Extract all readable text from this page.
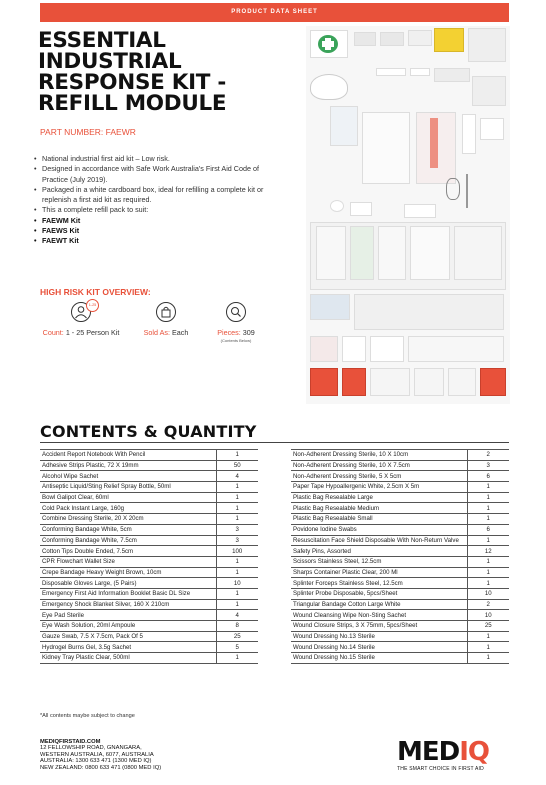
PRODUCT DATA SHEET
ESSENTIAL
INDUSTRIAL
RESPONSE KIT -
REFILL MODULE
PART NUMBER: FAEWR
• National industrial first aid kit – Low risk.
• Designed in accordance with Safe Work Australia's First Aid Code of Practice (July 2019).
• Packaged in a white cardboard box, ideal for refilling a complete kit or replenish a first aid kit as required.
• This a complete refill pack to suit:
• FAEWM Kit
• FAEWS Kit
• FAEWT Kit
HIGH RISK KIT OVERVIEW:
1-25
Count: 1 - 25 Person Kit	Sold As: Each	Pieces: 309
(Contents Below)
CONTENTS & QUANTITY
Accident Report Notebook With Pencil	1
Adhesive Strips Plastic, 72 X 19mm	50
Alcohol Wipe Sachet	4
Antiseptic Liquid/Sting Relief Spray Bottle, 50ml	1
Bowl Galipot Clear, 60ml	1
Cold Pack Instant Large, 160g	1
Combine Dressing Sterile, 20 X 20cm	1
Conforming Bandage White, 5cm	3
Conforming Bandage White, 7.5cm	3
Cotton Tips Double Ended, 7.5cm	100
CPR Flowchart Wallet Size	1
Crepe Bandage Heavy Weight Brown, 10cm	1
Disposable Gloves Large, (5 Pairs)	10
Emergency First Aid Information Booklet Basic DL Size	1
Emergency Shock Blanket Silver, 160 X 210cm	1
Eye Pad Sterile	4
Eye Wash Solution, 20ml Ampoule	8
Gauze Swab, 7.5 X 7.5cm, Pack Of 5	25
Hydrogel Burns Gel, 3.5g Sachet	5
Kidney Tray Plastic Clear, 500ml	1
Non-Adherent Dressing Sterile, 10 X 10cm	2
Non-Adherent Dressing Sterile, 10 X 7.5cm	3
Non-Adherent Dressing Sterile, 5 X 5cm	6
Paper Tape Hypoallergenic White, 2.5cm X 5m	1
Plastic Bag Resealable Large	1
Plastic Bag Resealable Medium	1
Plastic Bag Resealable Small	1
Povidone Iodine Swabs	6
Resuscitation Face Shield Disposable With Non-Return Valve	1
Safety Pins, Assorted	12
Scissors Stainless Steel, 12.5cm	1
Sharps Container Plastic Clear, 200 Ml	1
Splinter Forceps Stainless Steel, 12.5cm	1
Splinter Probe Disposable, 5pcs/Sheet	10
Triangular Bandage Cotton Large White	2
Wound Cleansing Wipe Non-Sting Sachet	10
Wound Closure Strips, 3 X 75mm, 5pcs/Sheet	25
Wound Dressing No.13 Sterile	1
Wound Dressing No.14 Sterile	1
Wound Dressing No.15 Sterile	1
*All contents maybe subject to change
MEDIQFIRSTAID.COM
12 FELLOWSHIP ROAD, GNANGARA,
WESTERN AUSTRALIA, 6077, AUSTRALIA
AUSTRALIA: 1300 633 471 (1300 MED IQ)
NEW ZEALAND: 0800 633 471 (0800 MED IQ)
MEDIQ
THE SMART CHOICE IN FIRST AID
